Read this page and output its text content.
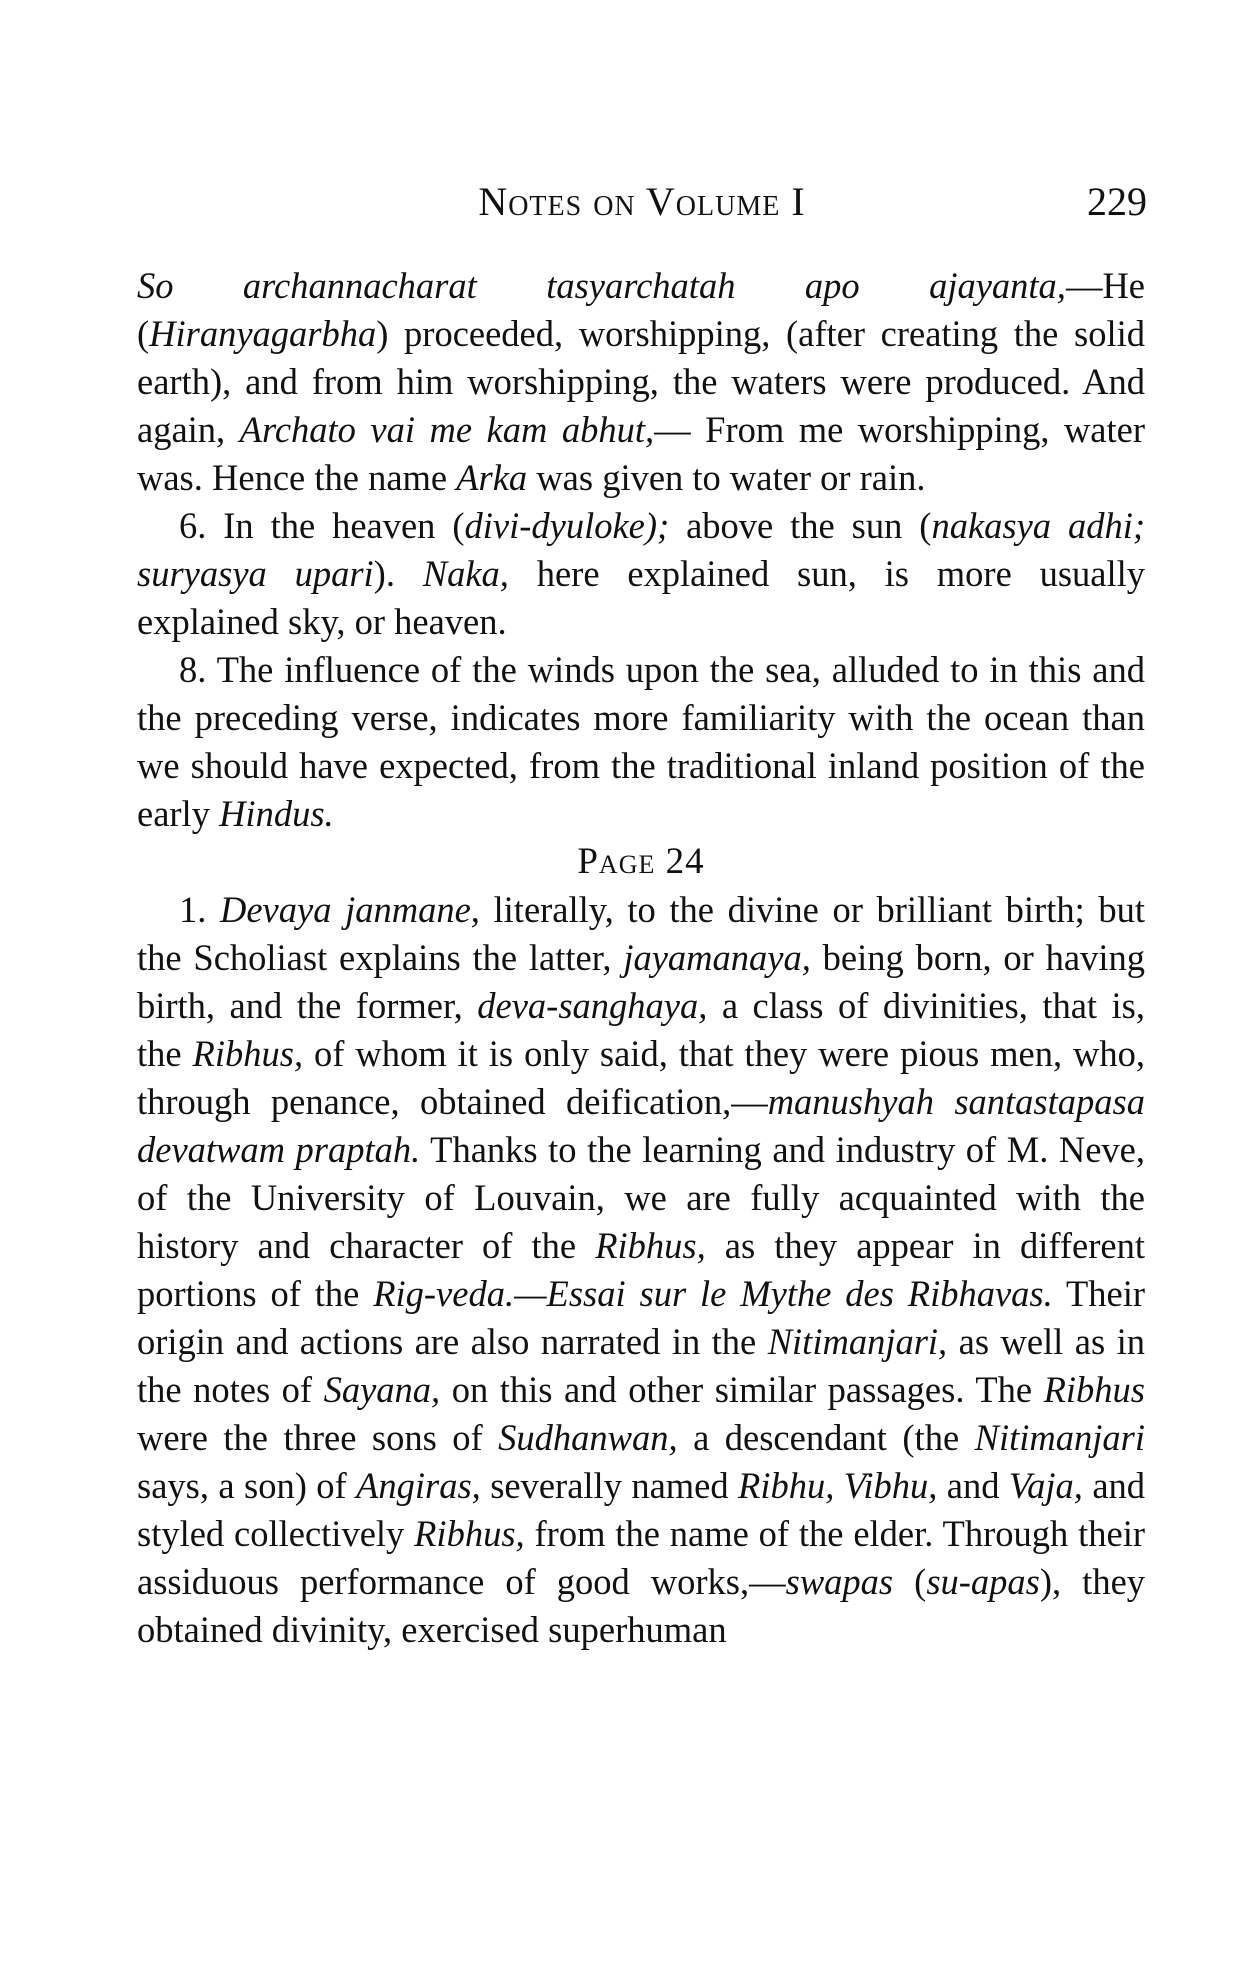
Notes on Volume I	229

So archannacharat tasyarchatah apo ajayanta,—He (Hiranyagarbha) proceeded, worshipping, (after creating the solid earth), and from him worshipping, the waters were produced. And again, Archato vai me kam abhut,— From me worshipping, water was. Hence the name Arka was given to water or rain.

6. In the heaven (divi-dyuloke); above the sun (nakasya adhi; suryasya upari). Naka, here explained sun, is more usually explained sky, or heaven.

8. The influence of the winds upon the sea, alluded to in this and the preceding verse, indicates more familiarity with the ocean than we should have expected, from the traditional inland position of the early Hindus.

Page 24

1. Devaya janmane, literally, to the divine or brilliant birth; but the Scholiast explains the latter, jayamanaya, being born, or having birth, and the former, deva-sanghaya, a class of divinities, that is, the Ribhus, of whom it is only said, that they were pious men, who, through penance, obtained deification,—manushyah santastapasa devatwam praptah. Thanks to the learning and industry of M. Neve, of the University of Louvain, we are fully acquainted with the history and character of the Ribhus, as they appear in different portions of the Rig-veda.—Essai sur le Mythe des Ribhavas. Their origin and actions are also narrated in the Nitimanjari, as well as in the notes of Sayana, on this and other similar passages. The Ribhus were the three sons of Sudhanwan, a descendant (the Nitimanjari says, a son) of Angiras, severally named Ribhu, Vibhu, and Vaja, and styled collectively Ribhus, from the name of the elder. Through their assiduous performance of good works,—swapas (su-apas), they obtained divinity, exercised superhuman
